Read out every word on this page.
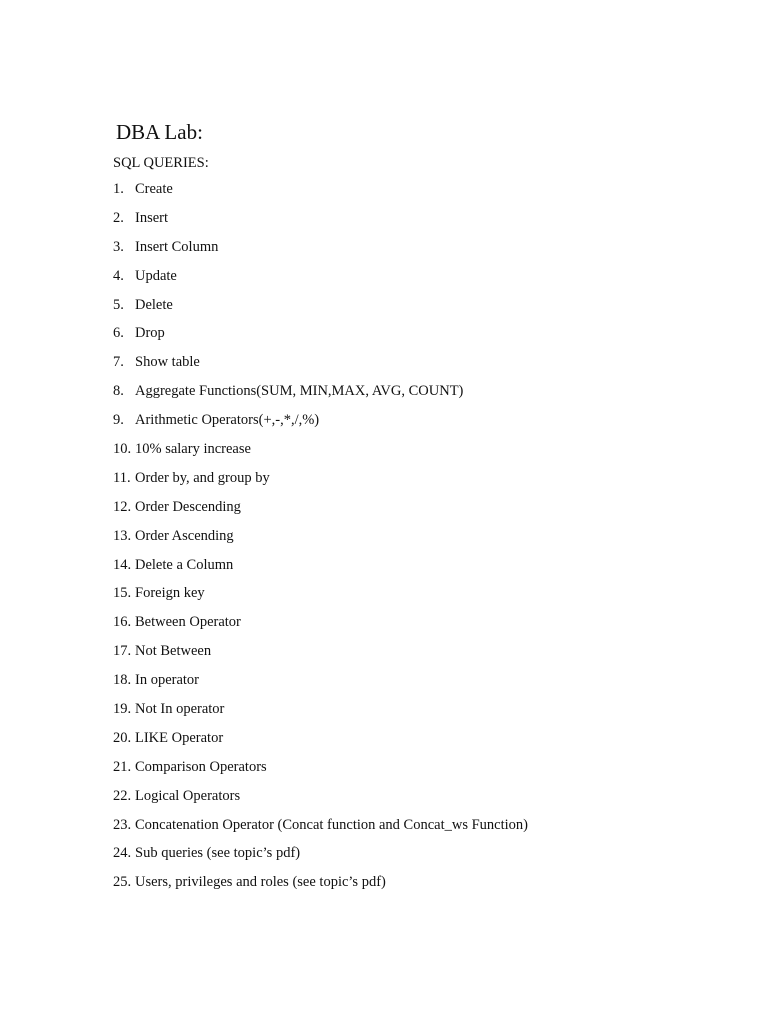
DBA Lab:
SQL QUERIES:
1. Create
2. Insert
3. Insert Column
4. Update
5. Delete
6. Drop
7. Show table
8. Aggregate Functions(SUM, MIN,MAX, AVG, COUNT)
9. Arithmetic Operators(+,-,*,/,%)
10. 10% salary increase
11. Order by, and group by
12. Order Descending
13. Order Ascending
14. Delete a Column
15. Foreign key
16. Between Operator
17. Not Between
18. In operator
19. Not In operator
20. LIKE Operator
21. Comparison Operators
22. Logical Operators
23. Concatenation Operator (Concat function and Concat_ws Function)
24. Sub queries (see topic’s pdf)
25. Users, privileges and roles (see topic’s pdf)
